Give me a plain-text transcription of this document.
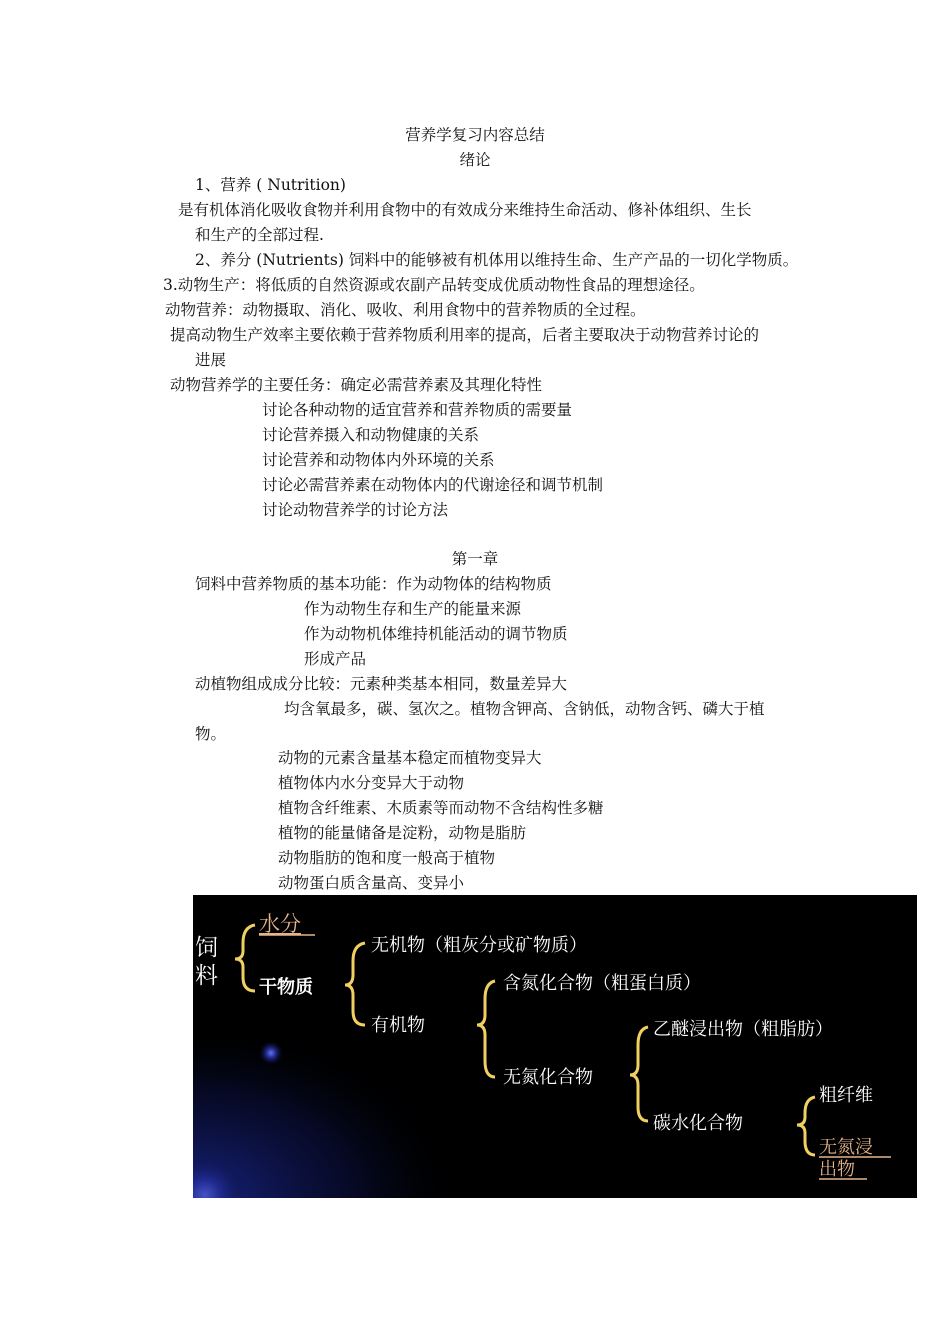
营养学复习内容总结
绪论
1、营养 ( Nutrition)
是有机体消化吸收食物并利用食物中的有效成分来维持生命活动、修补体组织、生长
和生产的全部过程.
2、养分 (Nutrients) 饲料中的能够被有机体用以维持生命、生产产品的一切化学物质。
3.动物生产：将低质的自然资源或农副产品转变成优质动物性食品的理想途径。
动物营养：动物摄取、消化、吸收、利用食物中的营养物质的全过程。
提高动物生产效率主要依赖于营养物质利用率的提高，后者主要取决于动物营养讨论的
进展
动物营养学的主要任务：确定必需营养素及其理化特性
讨论各种动物的适宜营养和营养物质的需要量
讨论营养摄入和动物健康的关系
讨论营养和动物体内外环境的关系
讨论必需营养素在动物体内的代谢途径和调节机制
讨论动物营养学的讨论方法
第一章
饲料中营养物质的基本功能：作为动物体的结构物质
作为动物生存和生产的能量来源
作为动物机体维持机能活动的调节物质
形成产品
动植物组成成分比较：元素种类基本相同，数量差异大
均含氧最多，碳、氢次之。植物含钾高、含钠低，动物含钙、磷大于植
物。
动物的元素含量基本稳定而植物变异大
植物体内水分变异大于动物
植物含纤维素、木质素等而动物不含结构性多糖
植物的能量储备是淀粉，动物是脂肪
动物脂肪的饱和度一般高于植物
动物蛋白质含量高、变异小
饲
料
水分
干物质
无机物（粗灰分或矿物质）
有机物
含氮化合物（粗蛋白质）
无氮化合物
乙醚浸出物（粗脂肪）
碳水化合物
粗纤维
无氮浸
出物
